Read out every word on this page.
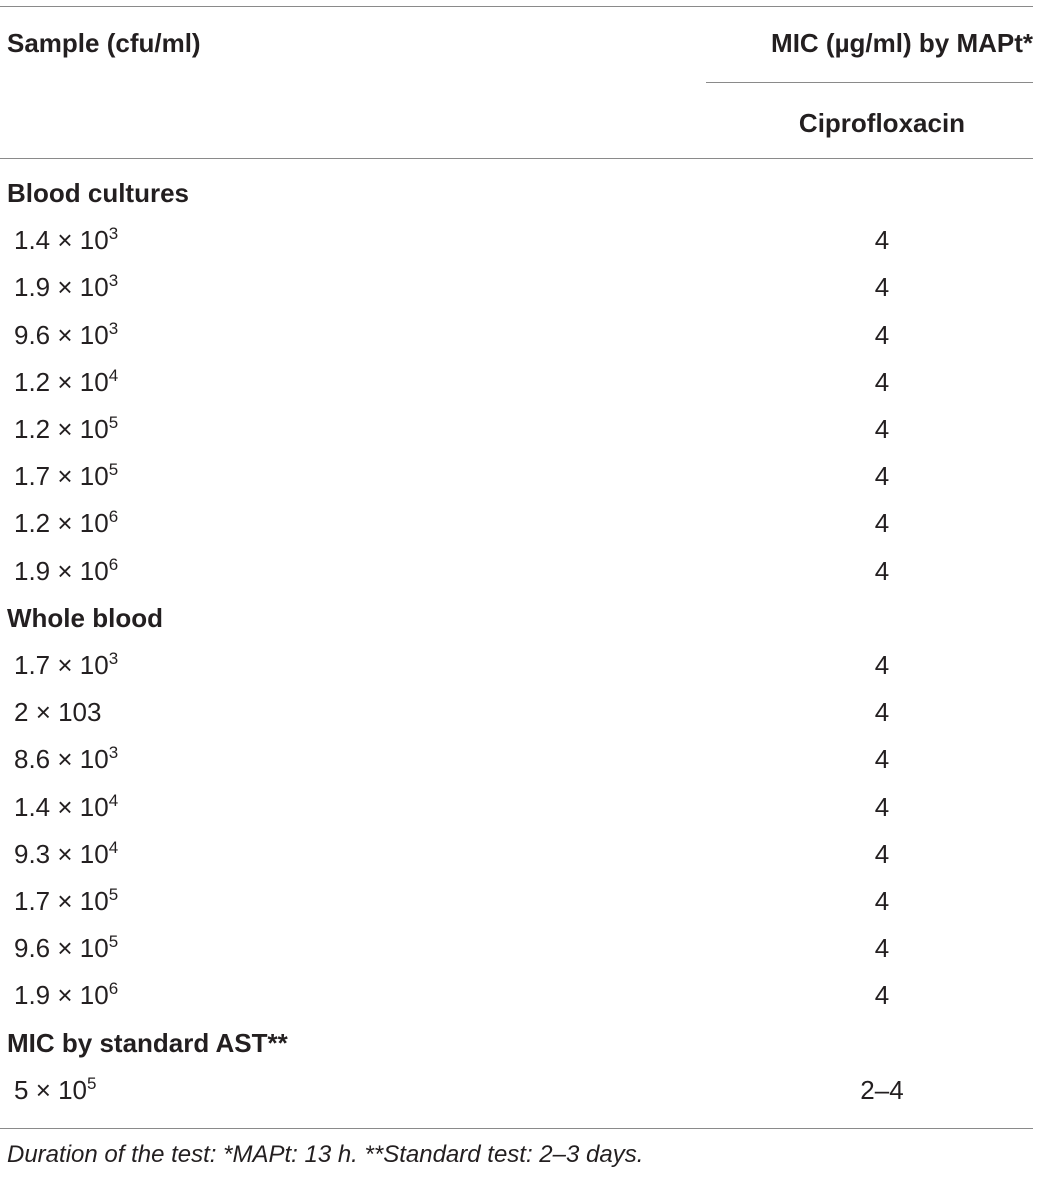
Sample (cfu/ml)	MIC (µg/ml) by MAPt*
Ciprofloxacin
Blood cultures
$1.4 \times 10^3$	4
$1.9 \times 10^3$	4
$9.6 \times 10^3$	4
$1.2 \times 10^4$	4
$1.2 \times 10^5$	4
$1.7 \times 10^5$	4
$1.2 \times 10^6$	4
$1.9 \times 10^6$	4
Whole blood
$1.7 \times 10^3$	4
2 × 103	4
$8.6 \times 10^3$	4
$1.4 \times 10^4$	4
$9.3 \times 10^4$	4
$1.7 \times 10^5$	4
$9.6 \times 10^5$	4
$1.9 \times 10^6$	4
MIC by standard AST**
$5 \times 10^5$	2–4
Duration of the test: *MAPt: 13 h. **Standard test: 2–3 days.
